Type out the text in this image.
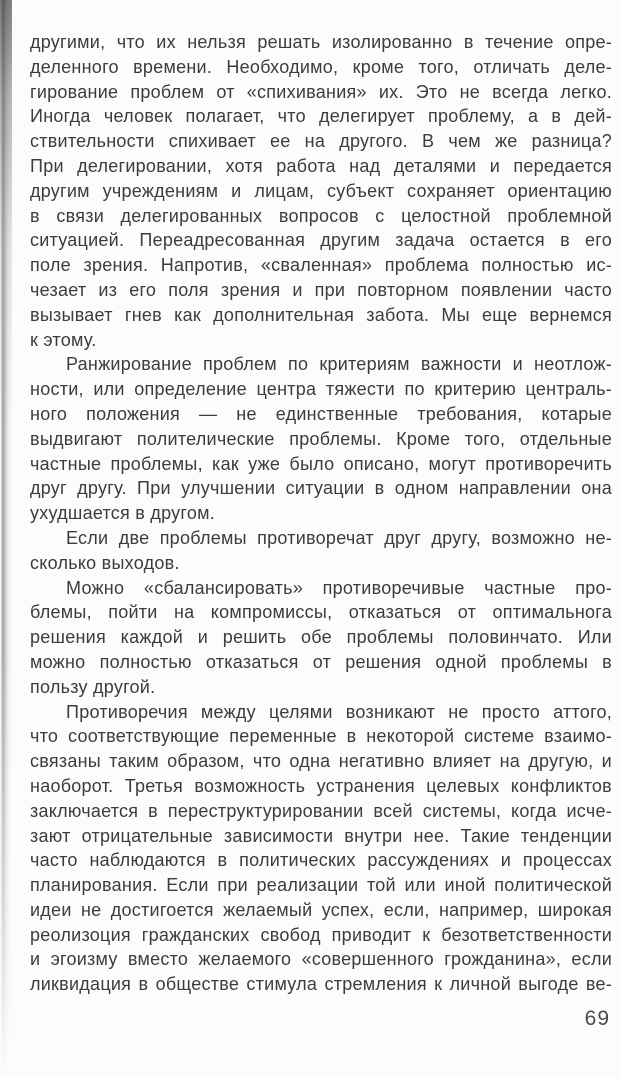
другими, что их нельзя решать изолированно в течение опре-
деленного времени. Необходимо, кроме того, отличать деле-
гирование проблем от «спихивания» их. Это не всегда легко.
Иногда человек полагает, что делегирует проблему, а в дей-
ствительности спихивает ее на другого. В чем же разница?
При делегировании, хотя работа над деталями и передается
другим учреждениям и лицам, субъект сохраняет ориентацию
в связи делегированных вопросов с целостной проблемной
ситуацией. Переадресованная другим задача остается в его
поле зрения. Напротив, «сваленная» проблема полностью ис-
чезает из его поля зрения и при повторном появлении часто
вызывает гнев как дополнительная забота. Мы еще вернемся
к этому.

Ранжирование проблем по критериям важности и неотлож-
ности, или определение центра тяжести по критерию централь-
ного положения — не единственные требования, котарые
выдвигают полителические проблемы. Кроме того, отдельные
частные проблемы, как уже было описано, могут противоречить
друг другу. При улучшении ситуации в одном направлении она
ухудшается в другом.

Если две проблемы противоречат друг другу, возможно не-
сколько выходов.

Можно «сбалансировать» противоречивые частные про-
блемы, пойти на компромиссы, отказаться от оптимальнога
решения каждой и решить обе проблемы половинчато. Или
можно полностью отказаться от решения одной проблемы в
пользу другой.

Противоречия между целями возникают не просто аттого,
что соответствующие переменные в некоторой системе взаимо-
связаны таким образом, что одна негативно влияет на другую, и
наоборот. Третья возможность устранения целевых конфликтов
заключается в переструктурировании всей системы, когда исче-
зают отрицательные зависимости внутри нее. Такие тенденции
часто наблюдаются в политических рассуждениях и процессах
планирования. Если при реализации той или иной политической
идеи не достигоется желаемый успех, если, например, широкая
реолизоция гражданских свобод приводит к безответственности
и эгоизму вместо желаемого «совершенного грожданина», если
ликвидация в обществе стимула стремления к личной выгоде ве-

69
